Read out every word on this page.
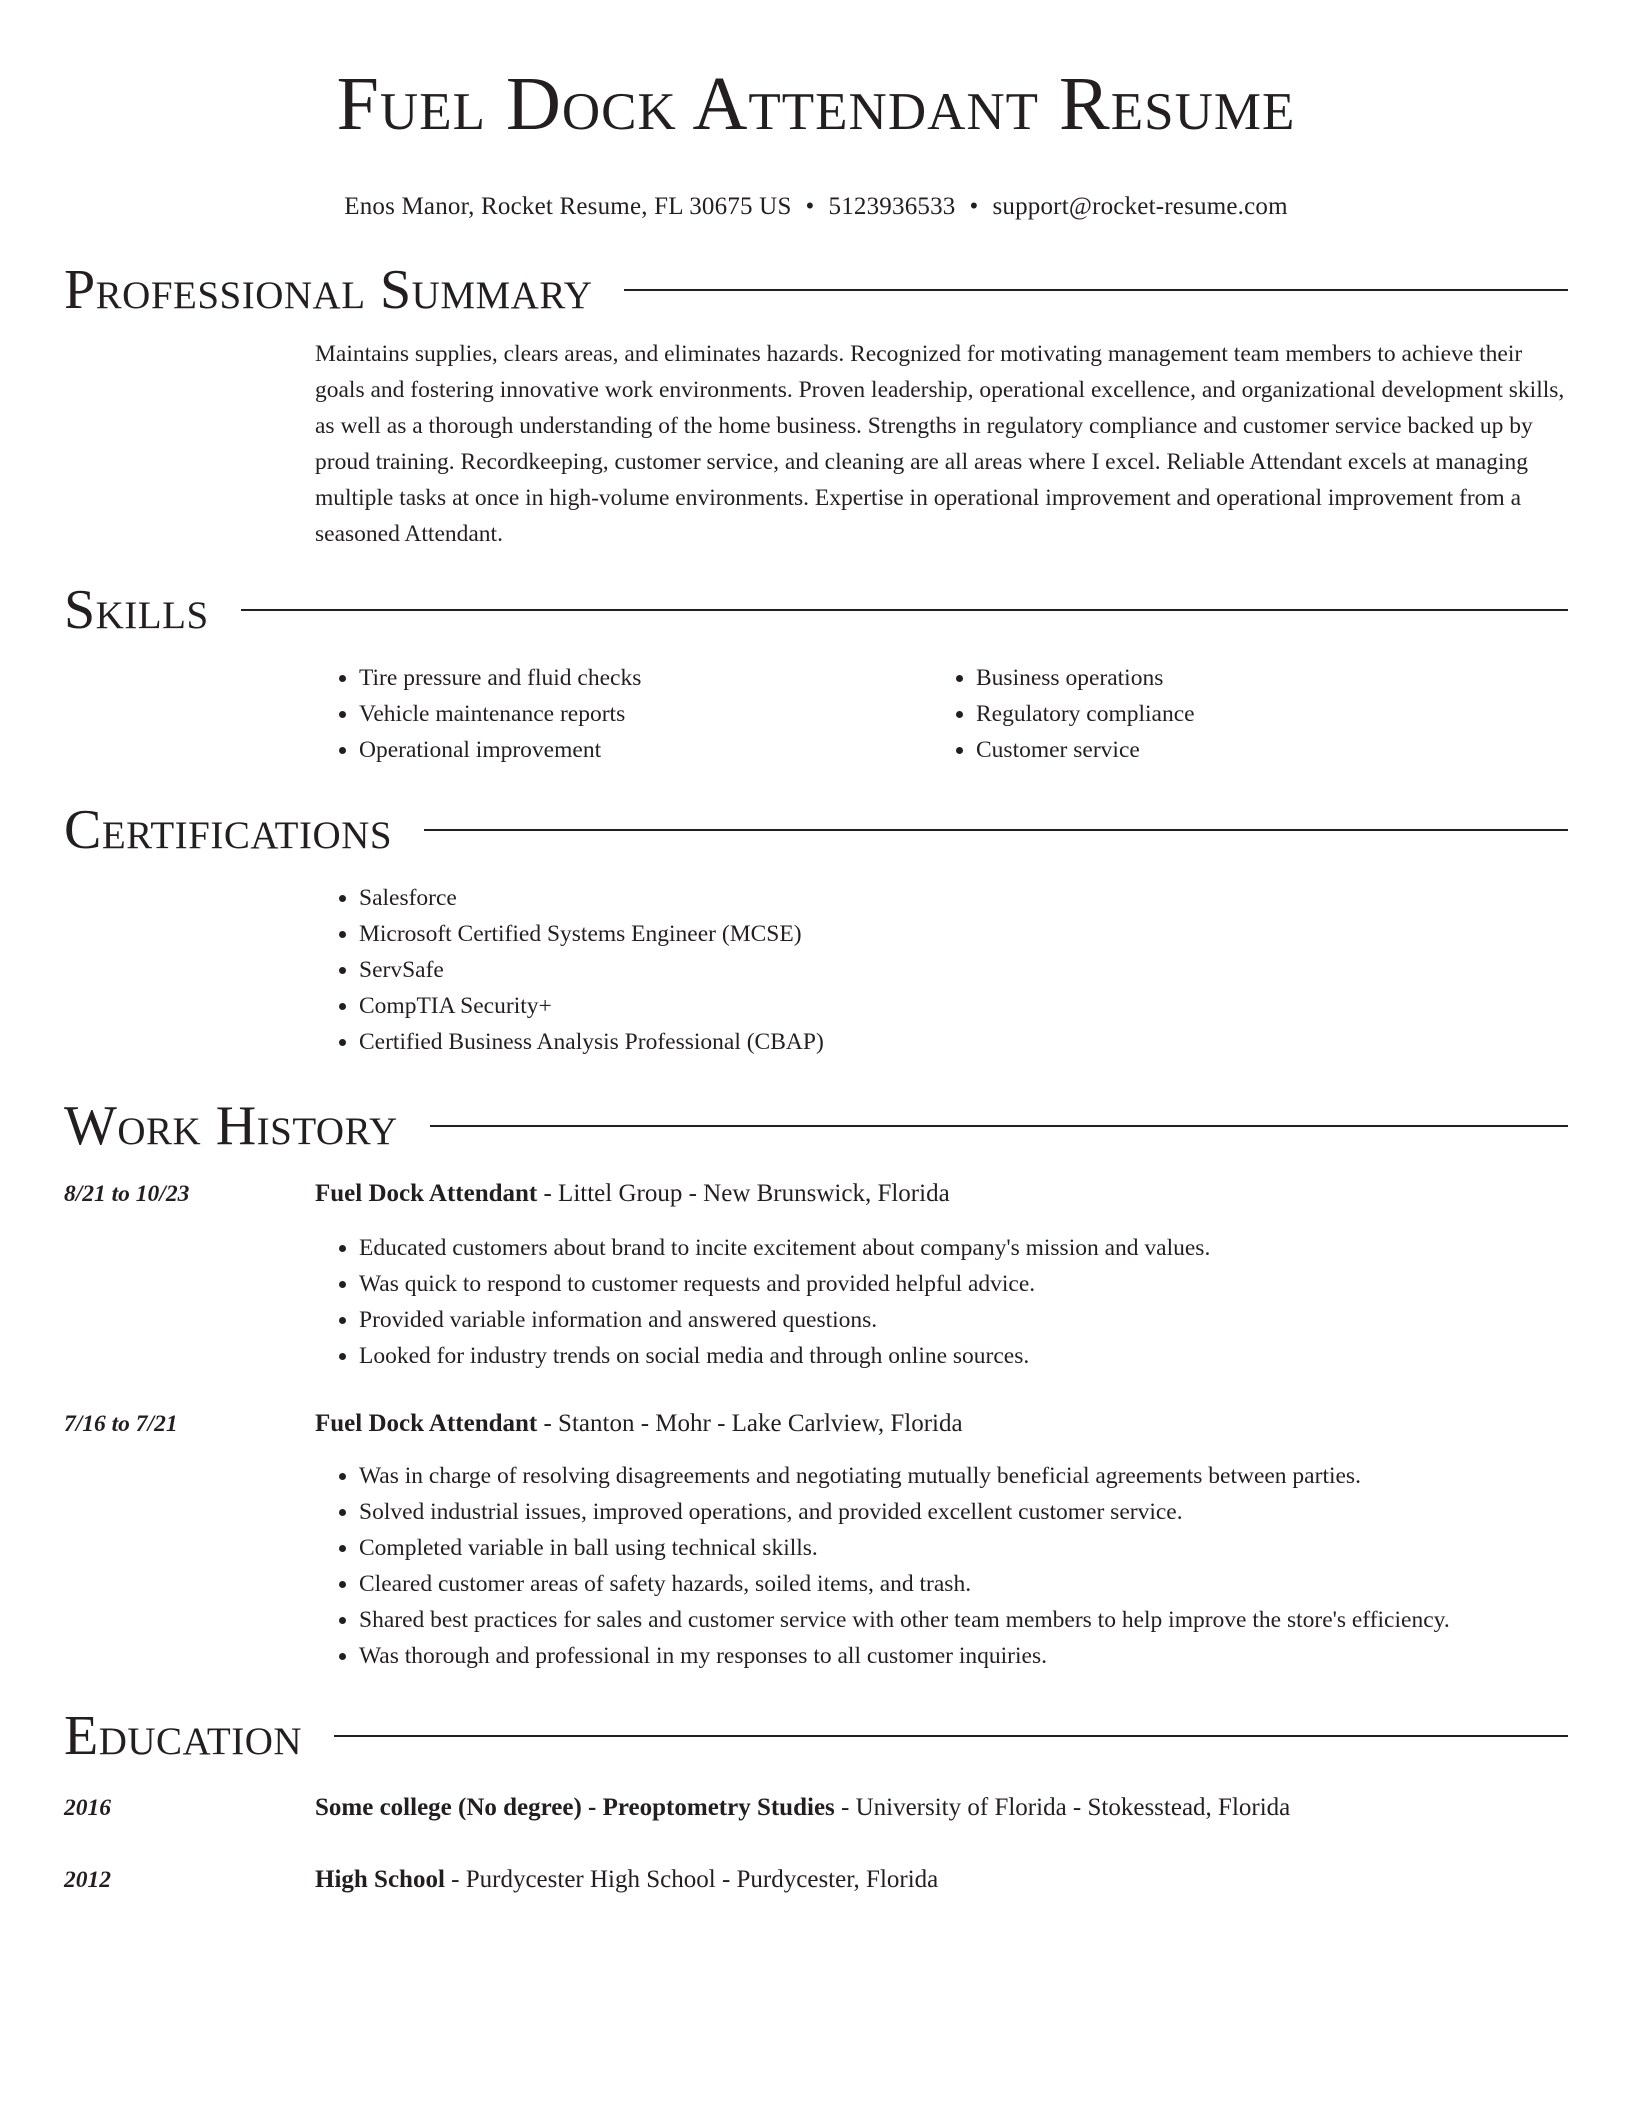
Fuel Dock Attendant Resume
Enos Manor, Rocket Resume, FL 30675 US • 5123936533 • support@rocket-resume.com
Professional Summary

Maintains supplies, clears areas, and eliminates hazards. Recognized for motivating management team members to achieve their goals and fostering innovative work environments. Proven leadership, operational excellence, and organizational development skills, as well as a thorough understanding of the home business. Strengths in regulatory compliance and customer service backed up by proud training. Recordkeeping, customer service, and cleaning are all areas where I excel. Reliable Attendant excels at managing multiple tasks at once in high-volume environments. Expertise in operational improvement and operational improvement from a seasoned Attendant.

Skills
• Tire pressure and fluid checks
• Vehicle maintenance reports
• Operational improvement
• Business operations
• Regulatory compliance
• Customer service
Certifications
• Salesforce
• Microsoft Certified Systems Engineer (MCSE)
• ServSafe
• CompTIA Security+
• Certified Business Analysis Professional (CBAP)
Work History
8/21 to 10/23	Fuel Dock Attendant - Littel Group - New Brunswick, Florida
• Educated customers about brand to incite excitement about company's mission and values.
• Was quick to respond to customer requests and provided helpful advice.
• Provided variable information and answered questions.
• Looked for industry trends on social media and through online sources.
7/16 to 7/21	Fuel Dock Attendant - Stanton - Mohr - Lake Carlview, Florida
• Was in charge of resolving disagreements and negotiating mutually beneficial agreements between parties.
• Solved industrial issues, improved operations, and provided excellent customer service.
• Completed variable in ball using technical skills.
• Cleared customer areas of safety hazards, soiled items, and trash.
• Shared best practices for sales and customer service with other team members to help improve the store's efficiency.
• Was thorough and professional in my responses to all customer inquiries.
Education
2016	Some college (No degree) - Preoptometry Studies - University of Florida - Stokesstead, Florida
2012	High School - Purdycester High School - Purdycester, Florida
